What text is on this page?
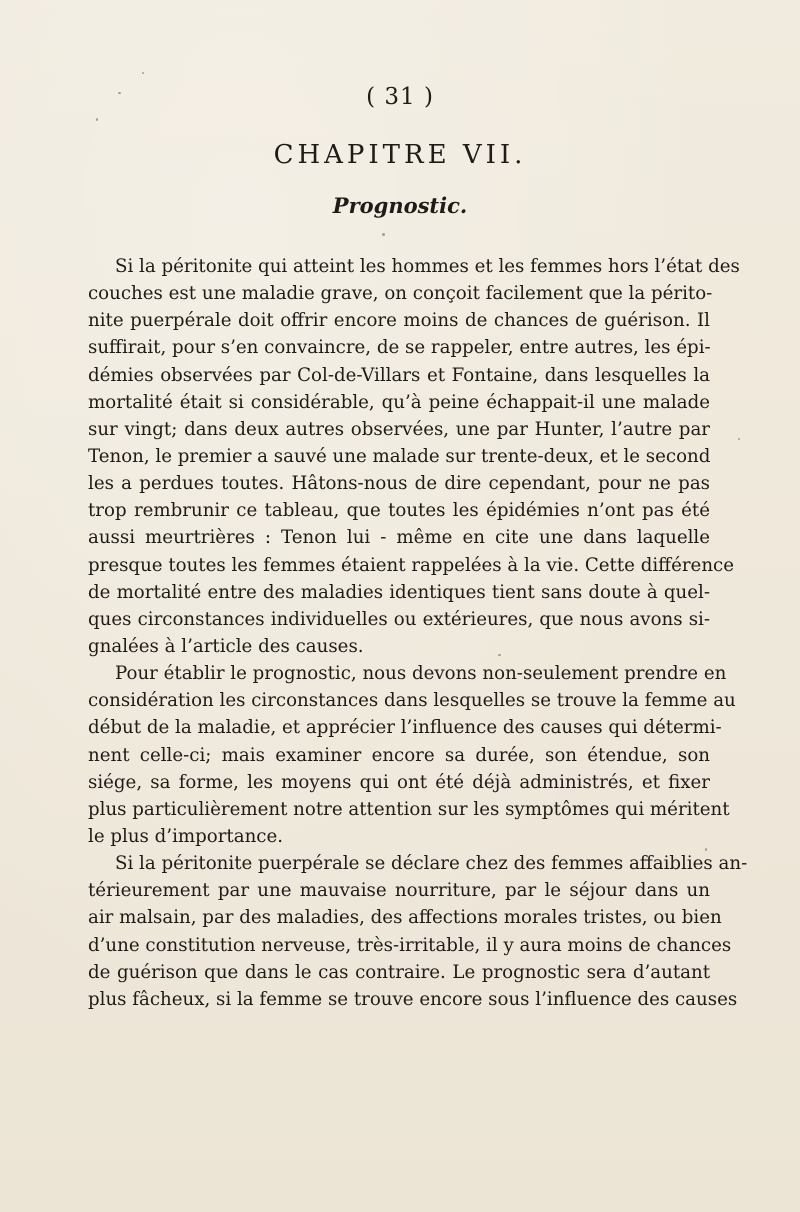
( 31 )
CHAPITRE VII.
Prognostic.
Si la péritonite qui atteint les hommes et les femmes hors l’état des
couches est une maladie grave, on conçoit facilement que la périto-
nite puerpérale doit offrir encore moins de chances de guérison. Il
suffirait, pour s’en convaincre, de se rappeler, entre autres, les épi-
démies observées par Col-de-Villars et Fontaine, dans lesquelles la
mortalité était si considérable, qu’à peine échappait-il une malade
sur vingt; dans deux autres observées, une par Hunter, l’autre par
Tenon, le premier a sauvé une malade sur trente-deux, et le second
les a perdues toutes. Hâtons-nous de dire cependant, pour ne pas
trop rembrunir ce tableau, que toutes les épidémies n’ont pas été
aussi meurtrières : Tenon lui - même en cite une dans laquelle
presque toutes les femmes étaient rappelées à la vie. Cette différence
de mortalité entre des maladies identiques tient sans doute à quel-
ques circonstances individuelles ou extérieures, que nous avons si-
gnalées à l’article des causes.
Pour établir le prognostic, nous devons non-seulement prendre en
considération les circonstances dans lesquelles se trouve la femme au
début de la maladie, et apprécier l’influence des causes qui détermi-
nent celle-ci; mais examiner encore sa durée, son étendue, son
siége, sa forme, les moyens qui ont été déjà administrés, et fixer
plus particulièrement notre attention sur les symptômes qui méritent
le plus d’importance.
Si la péritonite puerpérale se déclare chez des femmes affaiblies an-
térieurement par une mauvaise nourriture, par le séjour dans un
air malsain, par des maladies, des affections morales tristes, ou bien
d’une constitution nerveuse, très-irritable, il y aura moins de chances
de guérison que dans le cas contraire. Le prognostic sera d’autant
plus fâcheux, si la femme se trouve encore sous l’influence des causes
